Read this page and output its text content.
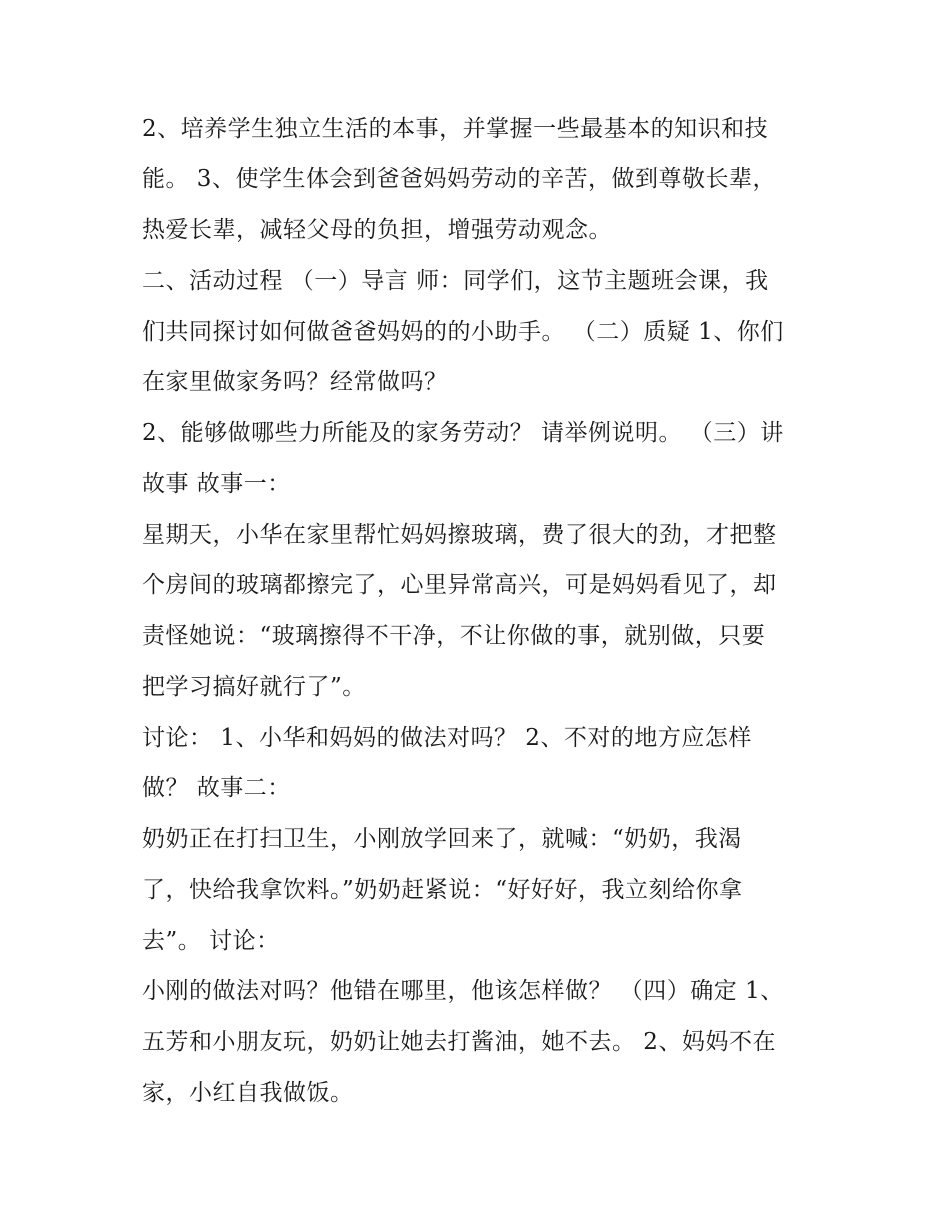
2、培养学生独立生活的本事，并掌握一些最基本的知识和技
能。 3、使学生体会到爸爸妈妈劳动的辛苦，做到尊敬长辈，
热爱长辈，减轻父母的负担，增强劳动观念。
二、活动过程 （一）导言 师：同学们，这节主题班会课，我
们共同探讨如何做爸爸妈妈的的小助手。 （二）质疑 1、你们
在家里做家务吗？经常做吗？
2、能够做哪些力所能及的家务劳动？ 请举例说明。 （三）讲
故事 故事一：
星期天，小华在家里帮忙妈妈擦玻璃，费了很大的劲，才把整
个房间的玻璃都擦完了，心里异常高兴，可是妈妈看见了，却
责怪她说：“玻璃擦得不干净，不让你做的事，就别做，只要
把学习搞好就行了”。
讨论： 1、小华和妈妈的做法对吗？ 2、不对的地方应怎样
做？ 故事二：
奶奶正在打扫卫生，小刚放学回来了，就喊：“奶奶，我渴
了，快给我拿饮料。”奶奶赶紧说：“好好好，我立刻给你拿
去”。 讨论：
小刚的做法对吗？他错在哪里，他该怎样做？ （四）确定 1、
五芳和小朋友玩，奶奶让她去打酱油，她不去。 2、妈妈不在
家，小红自我做饭。
